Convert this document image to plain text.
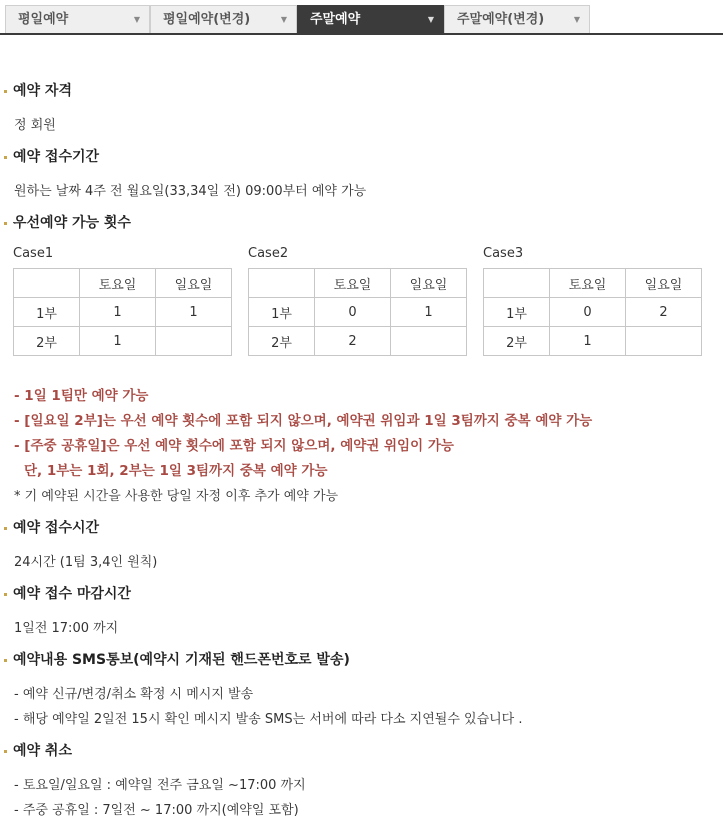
평일예약	▼	평일예약(변경)	▼	주말예약	▼	주말예약(변경)	▼
예약 자격
정 회원
예약 접수기간
원하는 날짜 4주 전 월요일(33,34일 전) 09:00부터 예약 가능
우선예약 가능 횟수
Case1
	토요일	일요일
1부	1	1
2부	1	
Case2
	토요일	일요일
1부	0	1
2부	2	
Case3
	토요일	일요일
1부	0	2
2부	1	
- 1일 1팀만 예약 가능
- [일요일 2부]는 우선 예약 횟수에 포함 되지 않으며, 예약권 위임과 1일 3팀까지 중복 예약 가능
- [주중 공휴일]은 우선 예약 횟수에 포함 되지 않으며, 예약권 위임이 가능
단, 1부는 1회, 2부는 1일 3팀까지 중복 예약 가능
* 기 예약된 시간을 사용한 당일 자정 이후 추가 예약 가능
예약 접수시간
24시간 (1팀 3,4인 원칙)
예약 접수 마감시간
1일전 17:00 까지
예약내용 SMS통보(예약시 기재된 핸드폰번호로 발송)
- 예약 신규/변경/취소 확정 시 메시지 발송
- 해당 예약일 2일전 15시 확인 메시지 발송 SMS는 서버에 따라 다소 지연될수 있습니다 .
예약 취소
- 토요일/일요일 : 예약일 전주 금요일 ~17:00 까지
- 주중 공휴일 : 7일전 ~ 17:00 까지(예약일 포함)
